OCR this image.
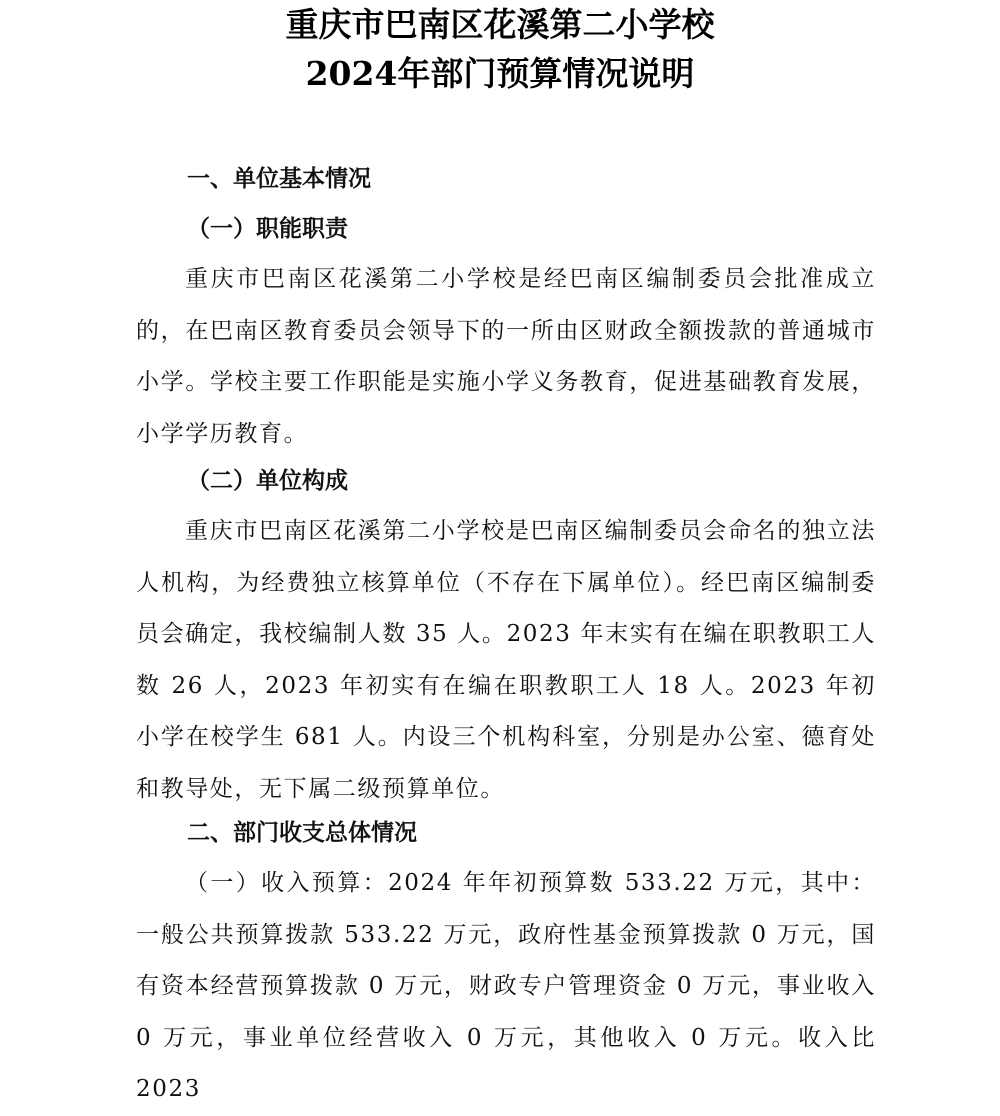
重庆市巴南区花溪第二小学校
2024年部门预算情况说明
一、单位基本情况
（一）职能职责

重庆市巴南区花溪第二小学校是经巴南区编制委员会批准成立的，在巴南区教育委员会领导下的一所由区财政全额拨款的普通城市小学。学校主要工作职能是实施小学义务教育，促进基础教育发展，小学学历教育。

（二）单位构成

重庆市巴南区花溪第二小学校是巴南区编制委员会命名的独立法人机构，为经费独立核算单位（不存在下属单位）。经巴南区编制委员会确定，我校编制人数 35 人。2023 年末实有在编在职教职工人数 26 人，2023 年初实有在编在职教职工人 18 人。2023 年初小学在校学生 681 人。内设三个机构科室，分别是办公室、德育处和教导处，无下属二级预算单位。

二、部门收支总体情况

（一）收入预算：2024 年年初预算数 533.22 万元，其中：一般公共预算拨款 533.22 万元，政府性基金预算拨款 0 万元，国有资本经营预算拨款 0 万元，财政专户管理资金 0 万元，事业收入 0 万元，事业单位经营收入 0 万元，其他收入 0 万元。收入比 2023
